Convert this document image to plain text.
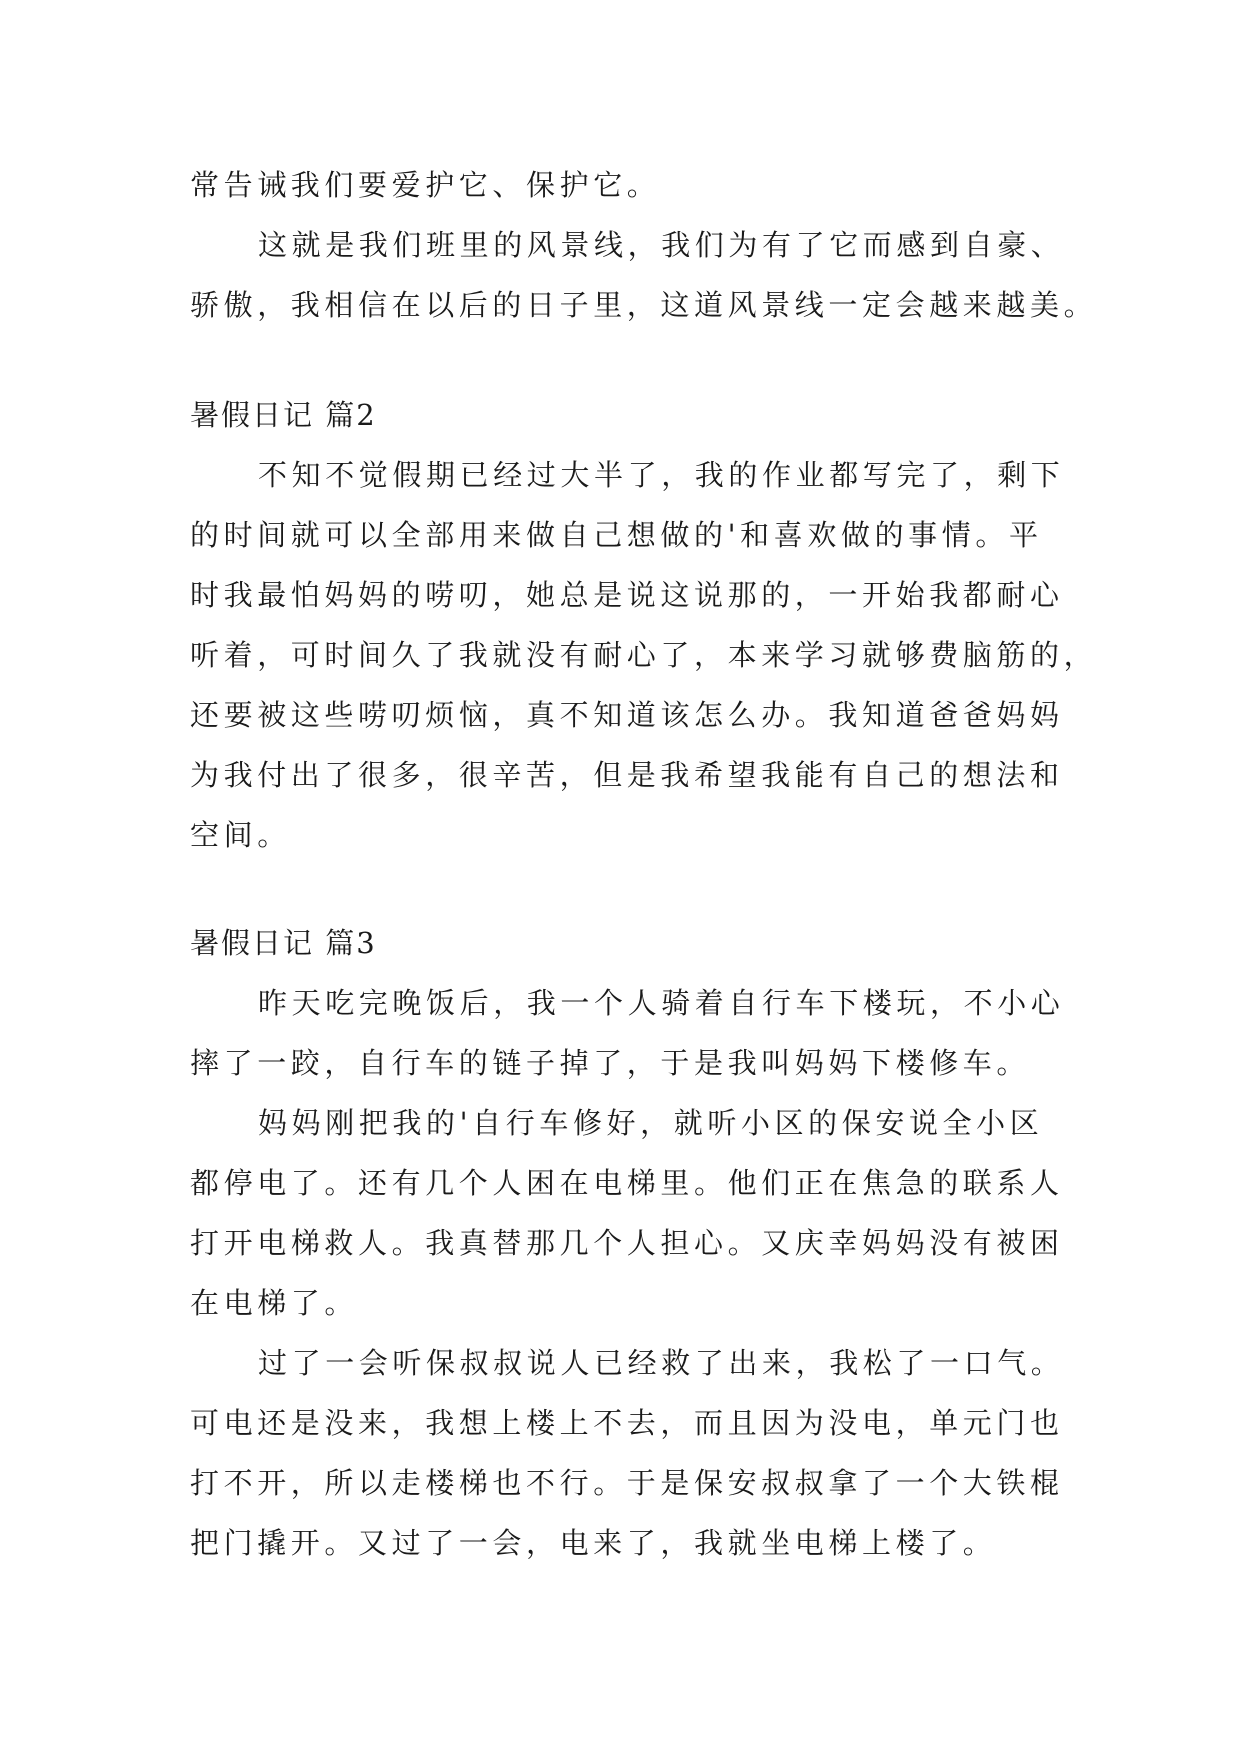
常告诫我们要爱护它、保护它。
这就是我们班里的风景线，我们为有了它而感到自豪、
骄傲，我相信在以后的日子里，这道风景线一定会越来越美。
暑假日记 篇2
不知不觉假期已经过大半了，我的作业都写完了，剩下
的时间就可以全部用来做自己想做的'和喜欢做的事情。平
时我最怕妈妈的唠叨，她总是说这说那的，一开始我都耐心
听着，可时间久了我就没有耐心了，本来学习就够费脑筋的，
还要被这些唠叨烦恼，真不知道该怎么办。我知道爸爸妈妈
为我付出了很多，很辛苦，但是我希望我能有自己的想法和
空间。
暑假日记 篇3
昨天吃完晚饭后，我一个人骑着自行车下楼玩，不小心
摔了一跤，自行车的链子掉了，于是我叫妈妈下楼修车。
妈妈刚把我的'自行车修好，就听小区的保安说全小区
都停电了。还有几个人困在电梯里。他们正在焦急的联系人
打开电梯救人。我真替那几个人担心。又庆幸妈妈没有被困
在电梯了。
过了一会听保叔叔说人已经救了出来，我松了一口气。
可电还是没来，我想上楼上不去，而且因为没电，单元门也
打不开，所以走楼梯也不行。于是保安叔叔拿了一个大铁棍
把门撬开。又过了一会，电来了，我就坐电梯上楼了。
